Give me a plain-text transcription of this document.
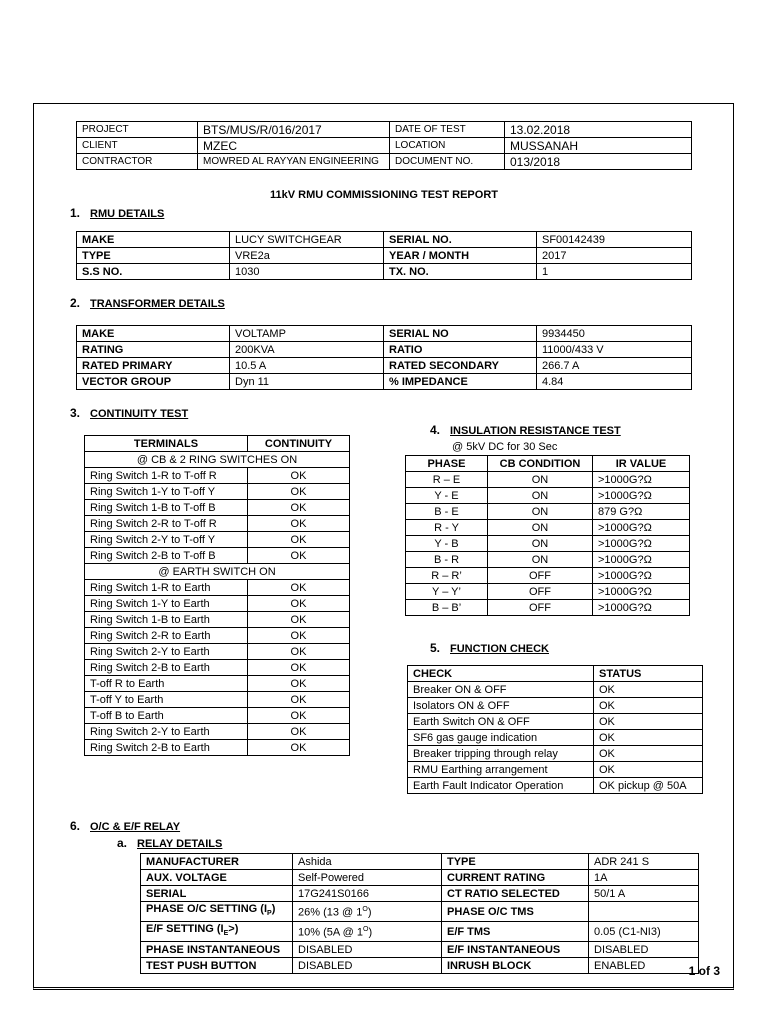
PROJECT	BTS/MUS/R/016/2017	DATE OF TEST	13.02.2018
CLIENT	MZEC	LOCATION	MUSSANAH
CONTRACTOR	MOWRED AL RAYYAN ENGINEERING	DOCUMENT NO.	013/2018
11kV RMU COMMISSIONING TEST REPORT
1. RMU DETAILS
MAKE	LUCY SWITCHGEAR	SERIAL NO.	SF00142439
TYPE	VRE2a	YEAR / MONTH	2017
S.S NO.	1030	TX. NO.	1
2. TRANSFORMER DETAILS
MAKE	VOLTAMP	SERIAL NO	9934450
RATING	200KVA	RATIO	11000/433 V
RATED PRIMARY	10.5 A	RATED SECONDARY	266.7 A
VECTOR GROUP	Dyn 11	% IMPEDANCE	4.84
3. CONTINUITY TEST
TERMINALS	CONTINUITY
@ CB & 2 RING SWITCHES ON	
Ring Switch 1-R to T-off R	OK
Ring Switch 1-Y to T-off Y	OK
Ring Switch 1-B to T-off B	OK
Ring Switch 2-R to T-off R	OK
Ring Switch 2-Y to T-off Y	OK
Ring Switch 2-B to T-off B	OK
@ EARTH SWITCH ON	
Ring Switch 1-R to Earth	OK
Ring Switch 1-Y to Earth	OK
Ring Switch 1-B to Earth	OK
Ring Switch 2-R to Earth	OK
Ring Switch 2-Y to Earth	OK
Ring Switch 2-B to Earth	OK
T-off R to Earth	OK
T-off Y to Earth	OK
T-off B to Earth	OK
Ring Switch 2-Y to Earth	OK
Ring Switch 2-B to Earth	OK
4. INSULATION RESISTANCE TEST
@ 5kV DC for 30 Sec
PHASE	CB CONDITION	IR VALUE
R – E	ON	>1000G?Ω
Y - E	ON	>1000G?Ω
B - E	ON	879 G?Ω
R - Y	ON	>1000G?Ω
Y - B	ON	>1000G?Ω
B - R	ON	>1000G?Ω
R – R’	OFF	>1000G?Ω
Y – Y’	OFF	>1000G?Ω
B – B’	OFF	>1000G?Ω
5. FUNCTION CHECK
CHECK	STATUS
Breaker ON & OFF	OK
Isolators ON & OFF	OK
Earth Switch ON & OFF	OK
SF6 gas gauge indication	OK
Breaker tripping through relay	OK
RMU Earthing arrangement	OK
Earth Fault Indicator Operation	OK pickup @ 50A
6. O/C & E/F RELAY
a. RELAY DETAILS
MANUFACTURER	Ashida	TYPE	ADR 241 S
AUX. VOLTAGE	Self-Powered	CURRENT RATING	1A
SERIAL	17G241S0166	CT RATIO SELECTED	50/1 A
PHASE O/C SETTING $(I_P)$	26% (13 @ $1^O$)	PHASE O/C TMS	
E/F SETTING $(I_E>)$	10% (5A @ $1^O$)	E/F TMS	0.05 (C1-NI3)
PHASE INSTANTANEOUS	DISABLED	E/F INSTANTANEOUS	DISABLED
TEST PUSH BUTTON	DISABLED	INRUSH BLOCK	ENABLED	1 of 3
